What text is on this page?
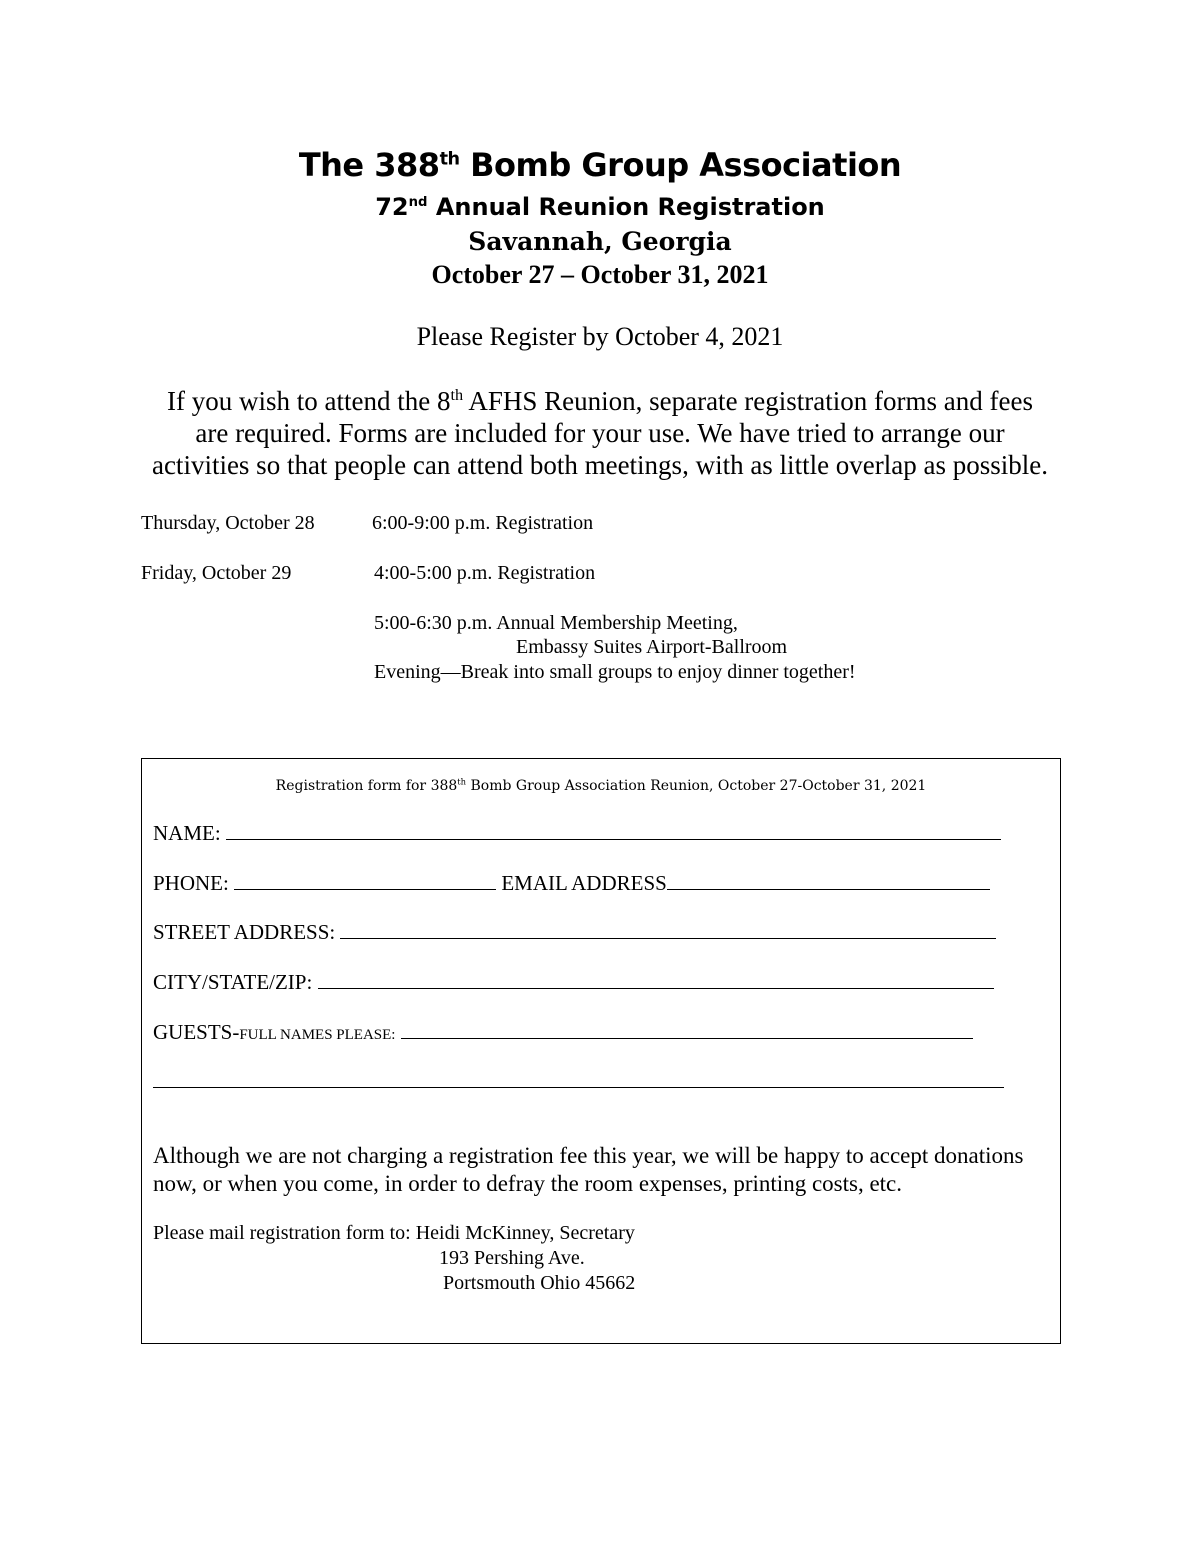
The 388th Bomb Group Association
72nd Annual Reunion Registration
Savannah, Georgia
October 27 – October 31, 2021
Please Register by October 4, 2021
If you wish to attend the 8th AFHS Reunion, separate registration forms and fees
are required. Forms are included for your use. We have tried to arrange our
activities so that people can attend both meetings, with as little overlap as possible.
Thursday, October 28	6:00-9:00 p.m. Registration
Friday, October 29	4:00-5:00 p.m. Registration
5:00-6:30 p.m. Annual Membership Meeting,
Embassy Suites Airport-Ballroom
Evening—Break into small groups to enjoy dinner together!
Registration form for 388th Bomb Group Association Reunion, October 27-October 31, 2021
NAME:
PHONE:	EMAIL ADDRESS
STREET ADDRESS:
CITY/STATE/ZIP:
GUESTS-FULL NAMES PLEASE:
Although we are not charging a registration fee this year, we will be happy to accept donations now, or when you come, in order to defray the room expenses, printing costs, etc.
Please mail registration form to: Heidi McKinney, Secretary
193 Pershing Ave.
Portsmouth Ohio 45662
